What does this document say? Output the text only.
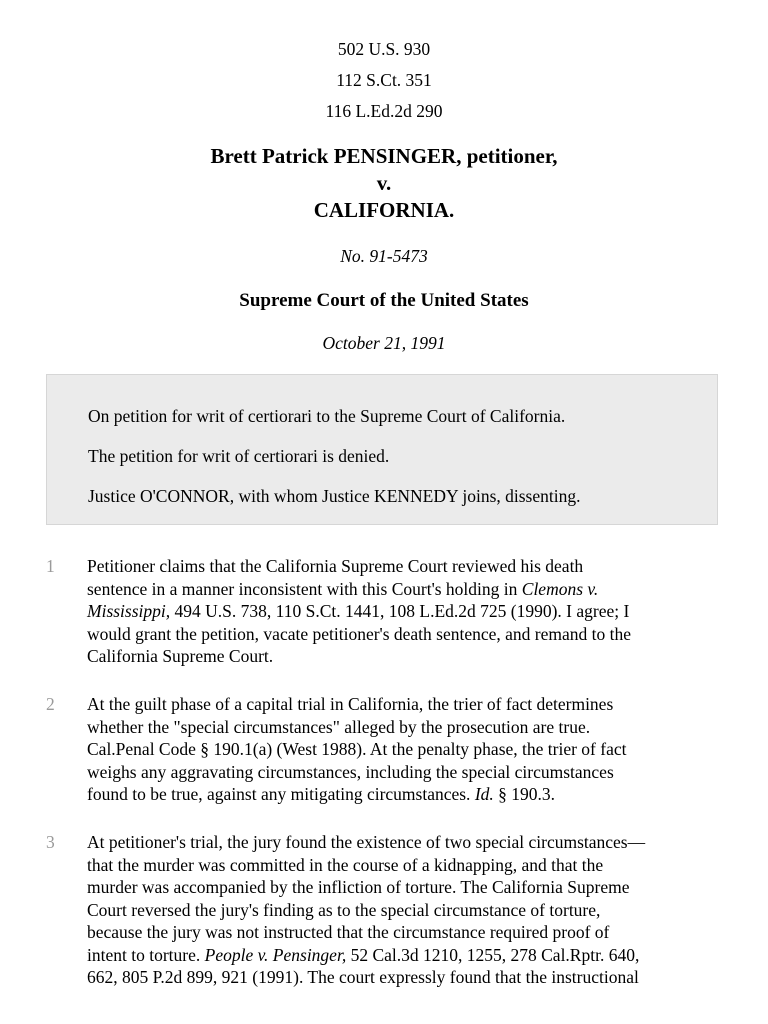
502 U.S. 930
112 S.Ct. 351
116 L.Ed.2d 290
Brett Patrick PENSINGER, petitioner,
v.
CALIFORNIA.
No. 91-5473
Supreme Court of the United States
October 21, 1991

On petition for writ of certiorari to the Supreme Court of California.

The petition for writ of certiorari is denied.

Justice O'CONNOR, with whom Justice KENNEDY joins, dissenting.

1 Petitioner claims that the California Supreme Court reviewed his death
sentence in a manner inconsistent with this Court's holding in Clemons v.
Mississippi, 494 U.S. 738, 110 S.Ct. 1441, 108 L.Ed.2d 725 (1990). I agree; I
would grant the petition, vacate petitioner's death sentence, and remand to the
California Supreme Court.
2 At the guilt phase of a capital trial in California, the trier of fact determines
whether the "special circumstances" alleged by the prosecution are true.
Cal.Penal Code § 190.1(a) (West 1988). At the penalty phase, the trier of fact
weighs any aggravating circumstances, including the special circumstances
found to be true, against any mitigating circumstances. Id. § 190.3.
3 At petitioner's trial, the jury found the existence of two special circumstances—
that the murder was committed in the course of a kidnapping, and that the
murder was accompanied by the infliction of torture. The California Supreme
Court reversed the jury's finding as to the special circumstance of torture,
because the jury was not instructed that the circumstance required proof of
intent to torture. People v. Pensinger, 52 Cal.3d 1210, 1255, 278 Cal.Rptr. 640,
662, 805 P.2d 899, 921 (1991). The court expressly found that the instructional
